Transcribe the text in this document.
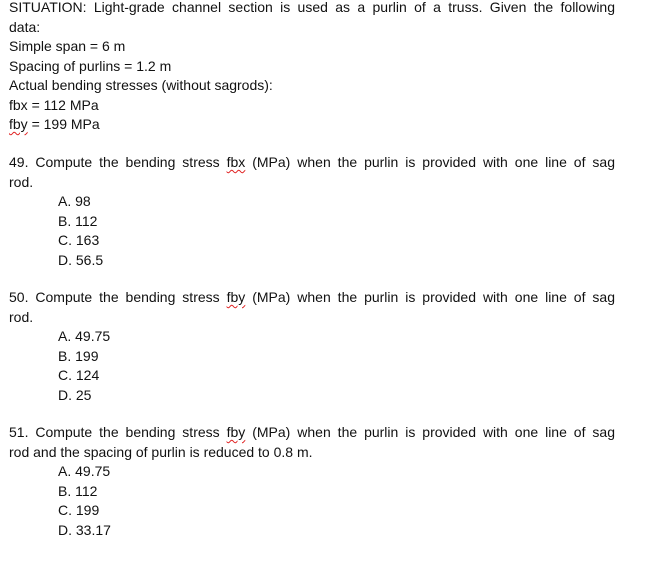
SITUATION: Light-grade channel section is used as a purlin of a truss. Given the following
data:
Simple span = 6 m
Spacing of purlins = 1.2 m
Actual bending stresses (without sagrods):
fbx = 112 MPa
fby = 199 MPa
49. Compute the bending stress fbx (MPa) when the purlin is provided with one line of sag
rod.
A. 98
B. 112
C. 163
D. 56.5
50. Compute the bending stress fby (MPa) when the purlin is provided with one line of sag
rod.
A. 49.75
B. 199
C. 124
D. 25
51. Compute the bending stress fby (MPa) when the purlin is provided with one line of sag
rod and the spacing of purlin is reduced to 0.8 m.
A. 49.75
B. 112
C. 199
D. 33.17
